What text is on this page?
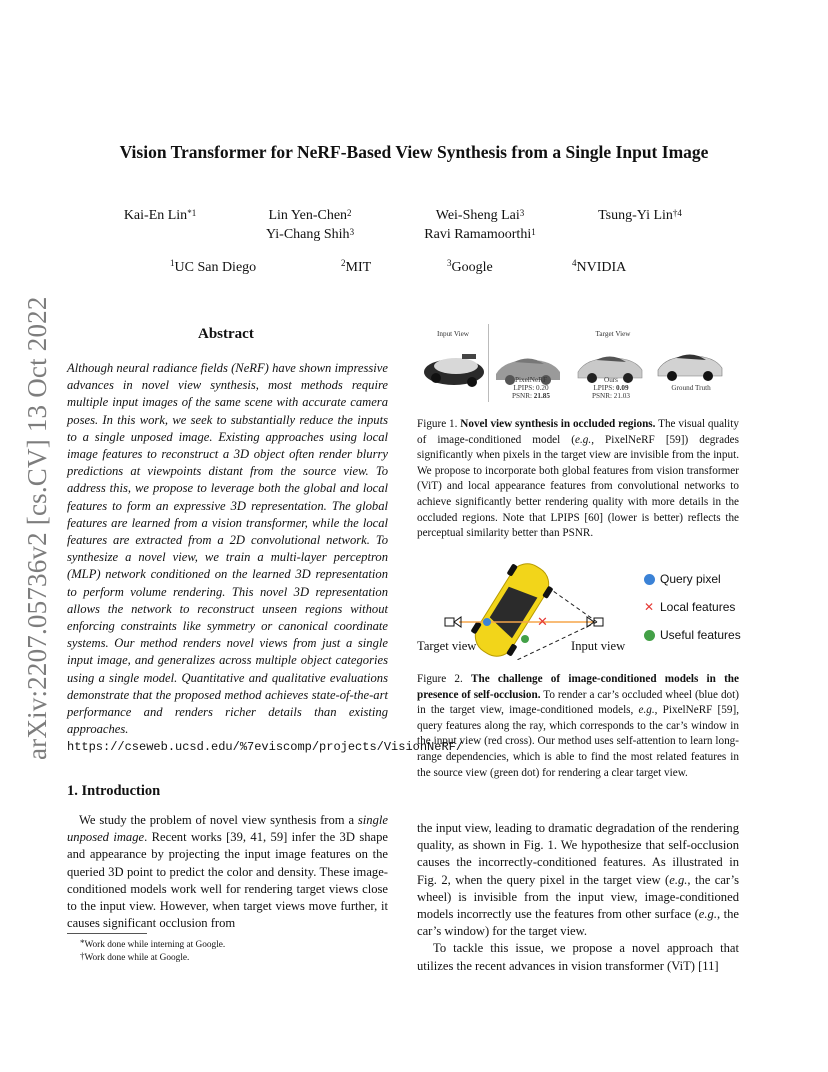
arXiv:2207.05736v2 [cs.CV] 13 Oct 2022
Vision Transformer for NeRF-Based View Synthesis from a Single Input Image
Kai-En Lin$^{*1}$	Lin Yen-Chen$^2$
Yi-Chang Shih$^3$
Wei-Sheng Lai$^3$
Ravi Ramamoorthi$^1$
Tsung-Yi Lin$^{\dagger 4}$
$^1$UC San Diego	$^2$MIT	$^3$Google	$^4$NVIDIA
Abstract
Although neural radiance fields (NeRF) have shown impressive advances in novel view synthesis, most methods require multiple input images of the same scene with accurate camera poses. In this work, we seek to substantially reduce the inputs to a single unposed image. Existing approaches using local image features to reconstruct a 3D object often render blurry predictions at viewpoints distant from the source view. To address this, we propose to leverage both the global and local features to form an expressive 3D representation. The global features are learned from a vision transformer, while the local features are extracted from a 2D convolutional network. To synthesize a novel view, we train a multi-layer perceptron (MLP) network conditioned on the learned 3D representation to perform volume rendering. This novel 3D representation allows the network to reconstruct unseen regions without enforcing constraints like symmetry or canonical coordinate systems. Our method renders novel views from just a single input image, and generalizes across multiple object categories using a single model. Quantitative and qualitative evaluations demonstrate that the proposed method achieves state-of-the-art performance and renders richer details than existing approaches. https://cseweb.ucsd.edu/%7eviscomp/projects/VisionNeRF/
1. Introduction
We study the problem of novel view synthesis from a single unposed image. Recent works [39, 41, 59] infer the 3D shape and appearance by projecting the input image features on the queried 3D point to predict the color and density. These image-conditioned models work well for rendering target views close to the input view. However, when target views move further, it causes significant occlusion from
*Work done while interning at Google.
†Work done while at Google.
Input View	Target View
PixelNeRF
LPIPS: 0.20
PSNR: 21.85
Ours
LPIPS: 0.09
PSNR: 21.03
Ground Truth
Figure 1. Novel view synthesis in occluded regions. The visual quality of image-conditioned model (e.g., PixelNeRF [59]) degrades significantly when pixels in the target view are invisible from the input. We propose to incorporate both global features from vision transformer (ViT) and local appearance features from convolutional networks to achieve significantly better rendering quality with more details in the occluded regions. Note that LPIPS [60] (lower is better) reflects the perceptual similarity better than PSNR.
✕
Target view	Input view
Query pixel
✕ Local features
Useful features
Figure 2. The challenge of image-conditioned models in the presence of self-occlusion. To render a car’s occluded wheel (blue dot) in the target view, image-conditioned models, e.g., PixelNeRF [59], query features along the ray, which corresponds to the car’s window in the input view (red cross). Our method uses self-attention to learn long-range dependencies, which is able to find the most related features in the source view (green dot) for rendering a clear target view.
the input view, leading to dramatic degradation of the rendering quality, as shown in Fig. 1. We hypothesize that self-occlusion causes the incorrectly-conditioned features. As illustrated in Fig. 2, when the query pixel in the target view (e.g., the car’s wheel) is invisible from the input view, image-conditioned models incorrectly use the features from other surface (e.g., the car’s window) for the target view.
To tackle this issue, we propose a novel approach that utilizes the recent advances in vision transformer (ViT) [11]
